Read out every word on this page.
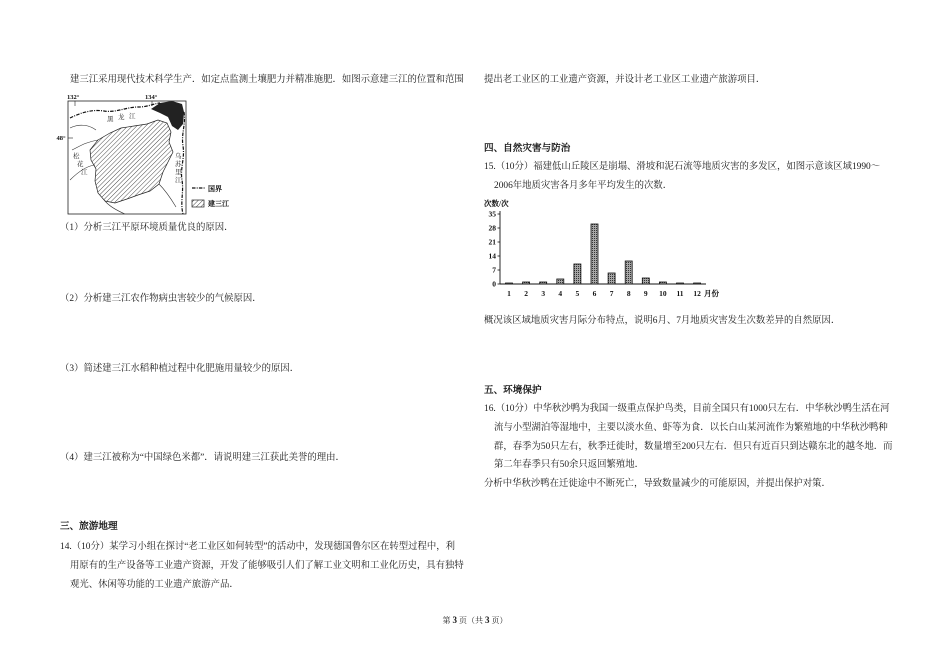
建三江采用现代技术科学生产．如定点监测土壤肥力并精准施肥．如图示意建三江的位置和范围
132°	134°
48°
黑 龙 江
乌
苏
里
江
松
花
江
国界
建三江
（1）分析三江平原环境质量优良的原因．
（2）分析建三江农作物病虫害较少的气候原因．
（3）简述建三江水稻种植过程中化肥施用量较少的原因．
（4）建三江被称为“中国绿色米都”．请说明建三江获此美誉的理由．
三、旅游地理
14.（10分）某学习小组在探讨“老工业区如何转型”的活动中，发现德国鲁尔区在转型过程中，利
用原有的生产设备等工业遗产资源，开发了能够吸引人们了解工业文明和工业化历史，具有独特
观光、休闲等功能的工业遗产旅游产品．
提出老工业区的工业遗产资源，并设计老工业区工业遗产旅游项目．
四、自然灾害与防治
15.（10分）福建低山丘陵区是崩塌、滑坡和泥石流等地质灾害的多发区，如图示意该区域1990～
2006年地质灾害各月多年平均发生的次数．
次数/次
0
7
14
21
28
35
1 2 3 4 5 6 7 8 9 10 11 12 月份
概况该区域地质灾害月际分布特点，说明6月、7月地质灾害发生次数差异的自然原因．
五、环境保护
16.（10分）中华秋沙鸭为我国一级重点保护鸟类，目前全国只有1000只左右．中华秋沙鸭生活在河
流与小型湖泊等湿地中，主要以淡水鱼、虾等为食．以长白山某河流作为繁殖地的中华秋沙鸭种
群，春季为50只左右，秋季迁徙时，数量增至200只左右．但只有近百只到达赣东北的越冬地．而
第二年春季只有50余只返回繁殖地．
分析中华秋沙鸭在迁徙途中不断死亡，导致数量减少的可能原因，并提出保护对策．
第 3 页（共 3 页）
